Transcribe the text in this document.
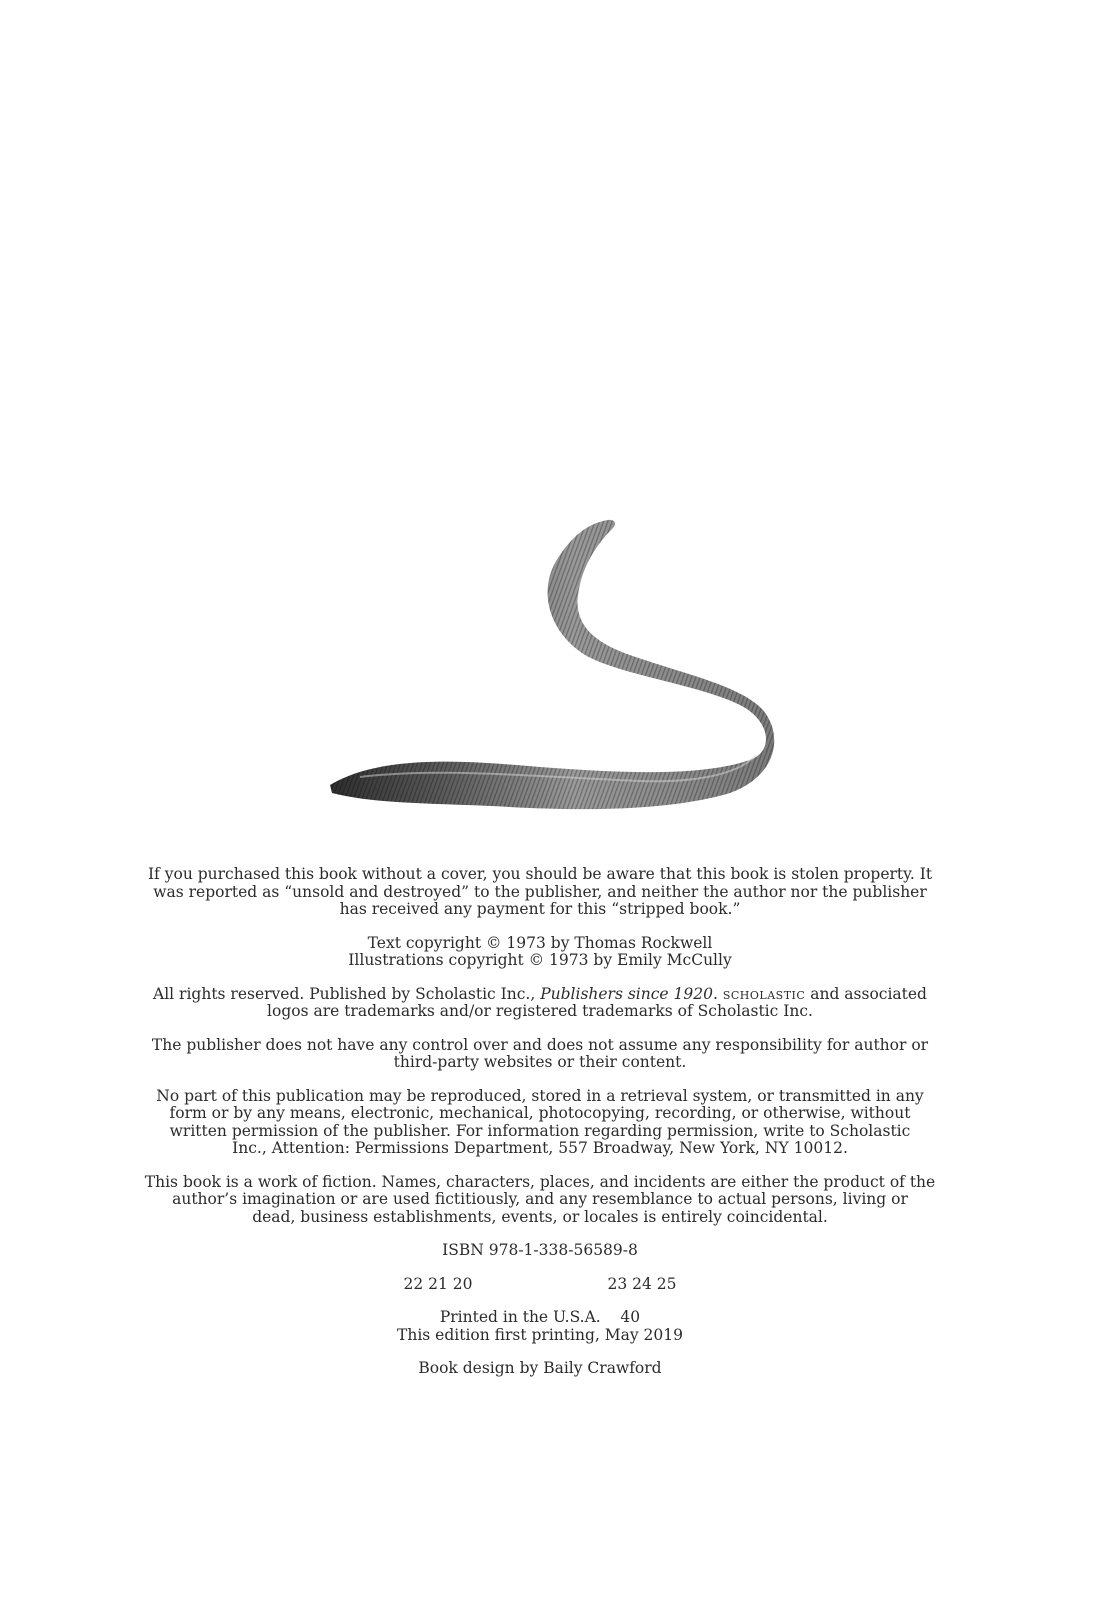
If you purchased this book without a cover, you should be aware that this book is stolen property. It
was reported as “unsold and destroyed” to the publisher, and neither the author nor the publisher
has received any payment for this “stripped book.”

Text copyright © 1973 by Thomas Rockwell
Illustrations copyright © 1973 by Emily McCully

All rights reserved. Published by Scholastic Inc., Publishers since 1920. scholastic and associated
logos are trademarks and/or registered trademarks of Scholastic Inc.

The publisher does not have any control over and does not assume any responsibility for author or
third-party websites or their content.

No part of this publication may be reproduced, stored in a retrieval system, or transmitted in any
form or by any means, electronic, mechanical, photocopying, recording, or otherwise, without
written permission of the publisher. For information regarding permission, write to Scholastic
Inc., Attention: Permissions Department, 557 Broadway, New York, NY 10012.

This book is a work of fiction. Names, characters, places, and incidents are either the product of the
author’s imagination or are used fictitiously, and any resemblance to actual persons, living or
dead, business establishments, events, or locales is entirely coincidental.

ISBN 978-1-338-56589-8

22 21 20	23 24 25

Printed in the U.S.A.    40
This edition first printing, May 2019

Book design by Baily Crawford
